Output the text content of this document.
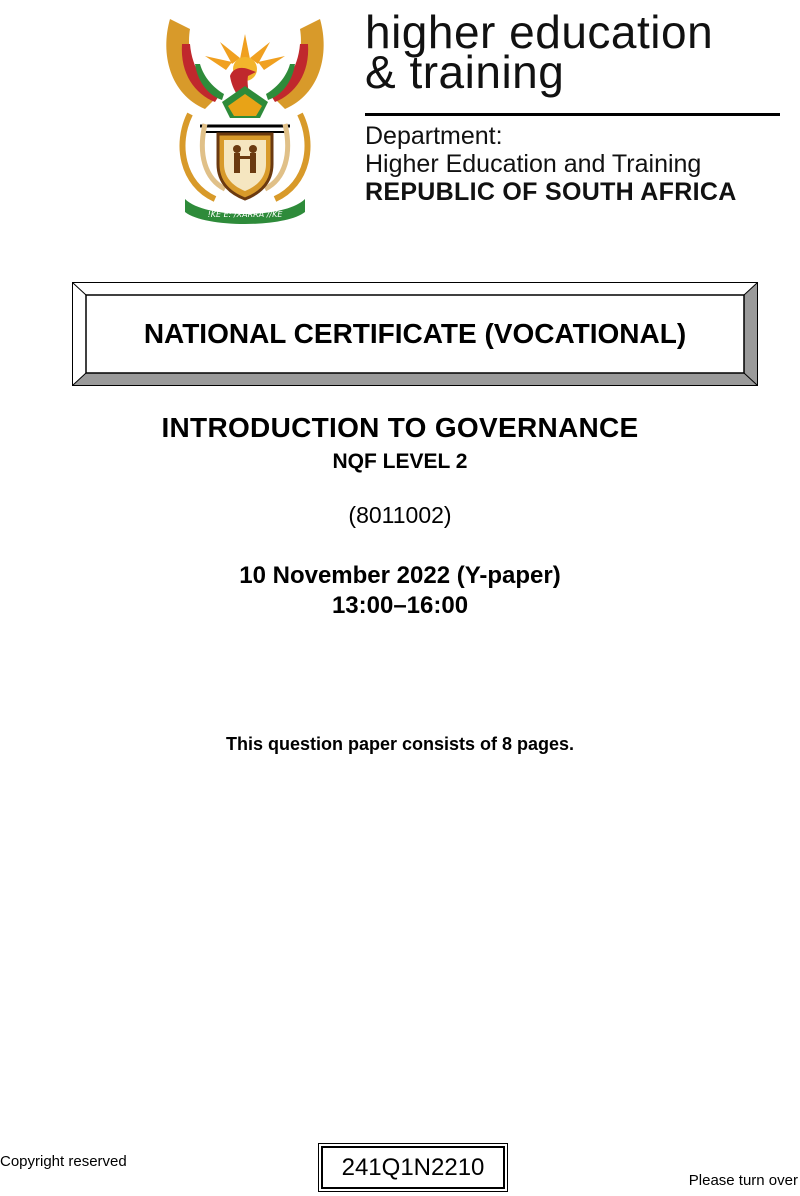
!KE E: /XARRA //KE
higher education
& training
Department:
Higher Education and Training
REPUBLIC OF SOUTH AFRICA
NATIONAL CERTIFICATE (VOCATIONAL)
INTRODUCTION TO GOVERNANCE
NQF LEVEL 2
(8011002)
10 November 2022 (Y-paper)
13:00–16:00
This question paper consists of 8 pages.
Copyright reserved	241Q1N2210	Please turn over
